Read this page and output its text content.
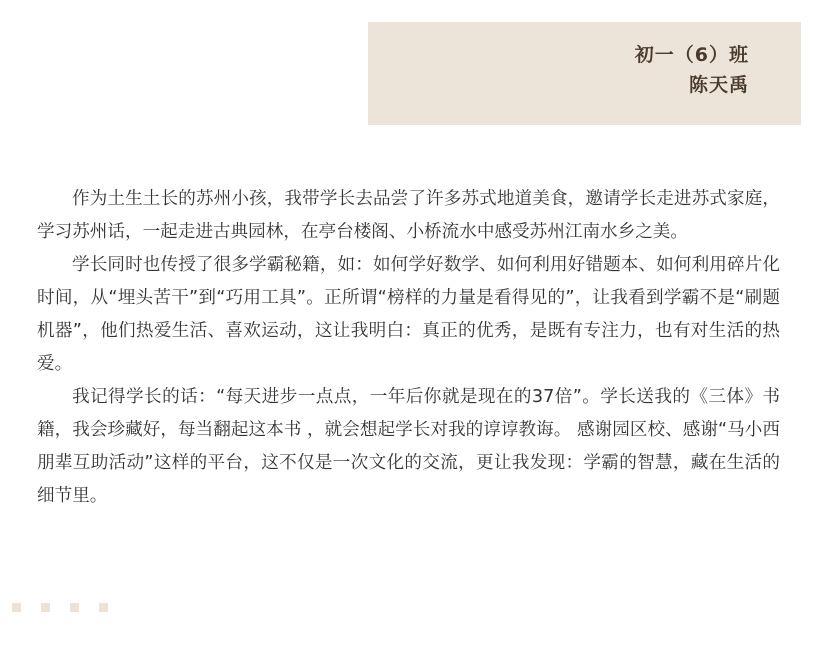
初一（6）班
陈天禹

作为土生土长的苏州小孩，我带学长去品尝了许多苏式地道美食，邀请学长走进苏式家庭，学习苏州话，一起走进古典园林，在亭台楼阁、小桥流水中感受苏州江南水乡之美。

学长同时也传授了很多学霸秘籍，如：如何学好数学、如何利用好错题本、如何利用碎片化时间，从“埋头苦干”到“巧用工具”。正所谓“榜样的力量是看得见的”，让我看到学霸不是“刷题机器”，他们热爱生活、喜欢运动，这让我明白：真正的优秀，是既有专注力，也有对生活的热爱。

我记得学长的话：“每天进步一点点，一年后你就是现在的37倍”。学长送我的《三体》书籍，我会珍藏好，每当翻起这本书 ，就会想起学长对我的谆谆教诲。 感谢园区校、感谢“马小西朋辈互助活动”这样的平台，这不仅是一次文化的交流，更让我发现：学霸的智慧，藏在生活的细节里。
